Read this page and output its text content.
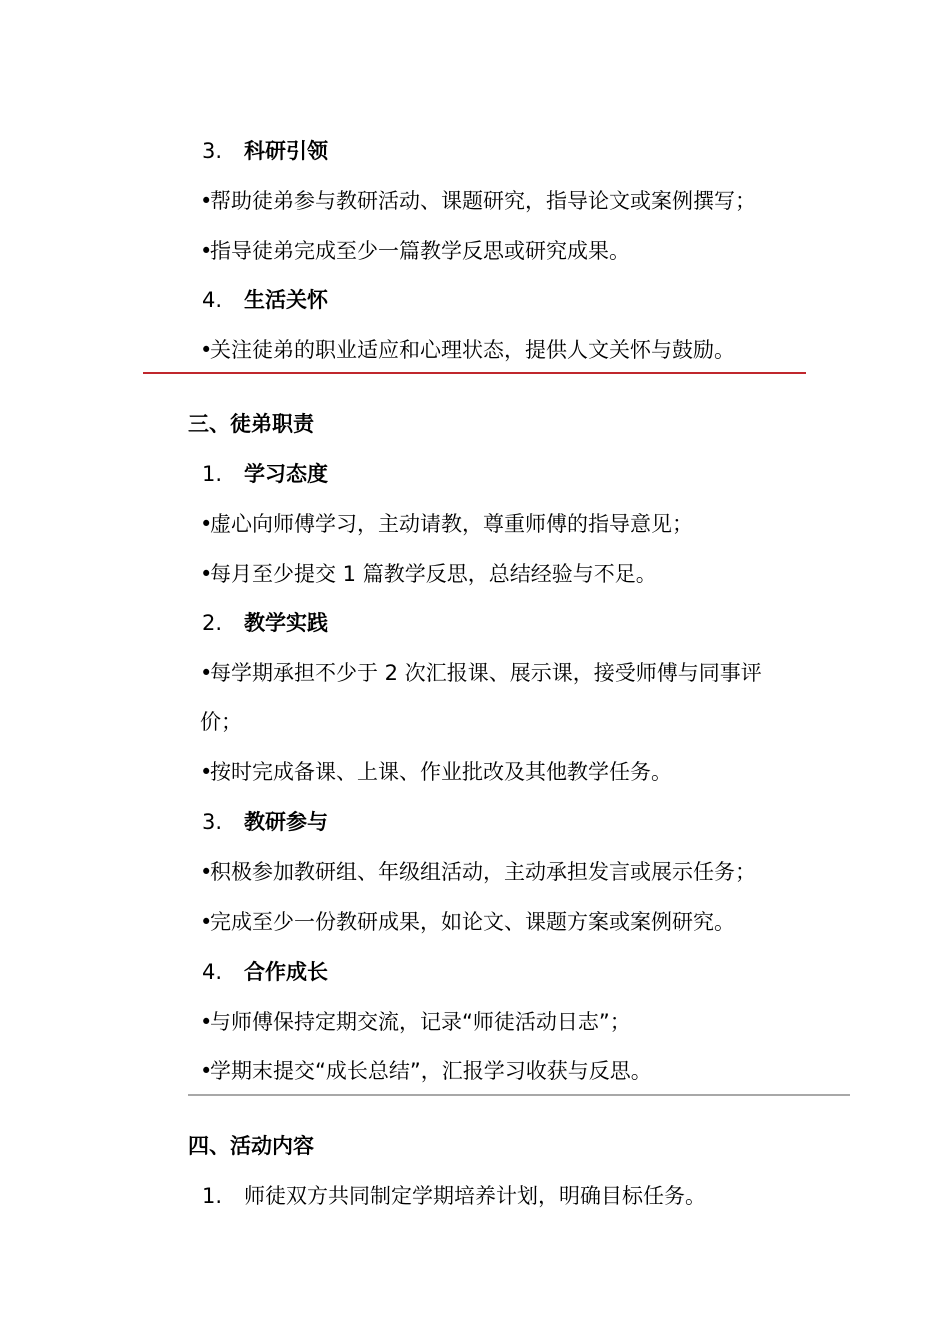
3. 科研引领
•帮助徒弟参与教研活动、课题研究，指导论文或案例撰写；
•指导徒弟完成至少一篇教学反思或研究成果。
4. 生活关怀
•关注徒弟的职业适应和心理状态，提供人文关怀与鼓励。
三、徒弟职责
1. 学习态度
•虚心向师傅学习，主动请教，尊重师傅的指导意见；
•每月至少提交 1 篇教学反思，总结经验与不足。
2. 教学实践
•每学期承担不少于 2 次汇报课、展示课，接受师傅与同事评
价；
•按时完成备课、上课、作业批改及其他教学任务。
3. 教研参与
•积极参加教研组、年级组活动，主动承担发言或展示任务；
•完成至少一份教研成果，如论文、课题方案或案例研究。
4. 合作成长
•与师傅保持定期交流，记录“师徒活动日志”；
•学期末提交“成长总结”，汇报学习收获与反思。
四、活动内容
1. 师徒双方共同制定学期培养计划，明确目标任务。
